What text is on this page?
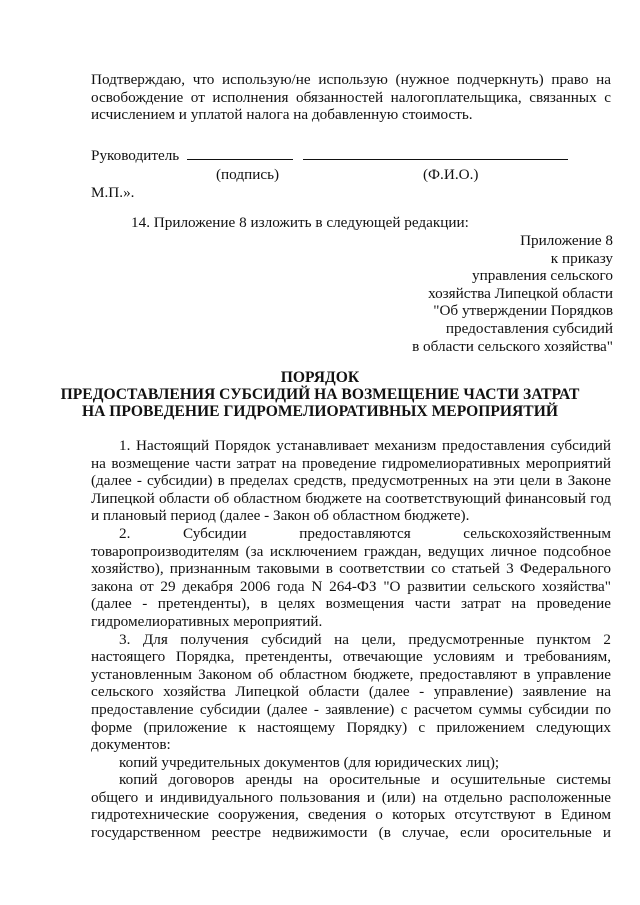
Подтверждаю, что использую/не использую (нужное подчеркнуть) право на
освобождение от исполнения обязанностей налогоплательщика, связанных с
исчислением и уплатой налога на добавленную стоимость.
Руководитель
(подпись)	(Ф.И.О.)
М.П.».
14. Приложение 8 изложить в следующей редакции:
Приложение 8
к приказу
управления сельского
хозяйства Липецкой области
"Об утверждении Порядков
предоставления субсидий
в области сельского хозяйства"
ПОРЯДОК
ПРЕДОСТАВЛЕНИЯ СУБСИДИЙ НА ВОЗМЕЩЕНИЕ ЧАСТИ ЗАТРАТ
НА ПРОВЕДЕНИЕ ГИДРОМЕЛИОРАТИВНЫХ МЕРОПРИЯТИЙ

1. Настоящий Порядок устанавливает механизм предоставления субсидий
на возмещение части затрат на проведение гидромелиоративных мероприятий
(далее - субсидии) в пределах средств, предусмотренных на эти цели в Законе
Липецкой области об областном бюджете на соответствующий финансовый год
и плановый период (далее - Закон об областном бюджете).

2. Субсидии предоставляются сельскохозяйственным
товаропроизводителям (за исключением граждан, ведущих личное подсобное
хозяйство), признанным таковыми в соответствии со статьей 3 Федерального
закона от 29 декабря 2006 года N 264-ФЗ "О развитии сельского хозяйства"
(далее - претенденты), в целях возмещения части затрат на проведение
гидромелиоративных мероприятий.

3. Для получения субсидий на цели, предусмотренные пунктом 2
настоящего Порядка, претенденты, отвечающие условиям и требованиям,
установленным Законом об областном бюджете, предоставляют в управление
сельского хозяйства Липецкой области (далее - управление) заявление на
предоставление субсидии (далее - заявление) с расчетом суммы субсидии по
форме (приложение к настоящему Порядку) с приложением следующих
документов:

копий учредительных документов (для юридических лиц);

копий договоров аренды на оросительные и осушительные системы
общего и индивидуального пользования и (или) на отдельно расположенные
гидротехнические сооружения, сведения о которых отсутствуют в Едином
государственном реестре недвижимости (в случае, если оросительные и
